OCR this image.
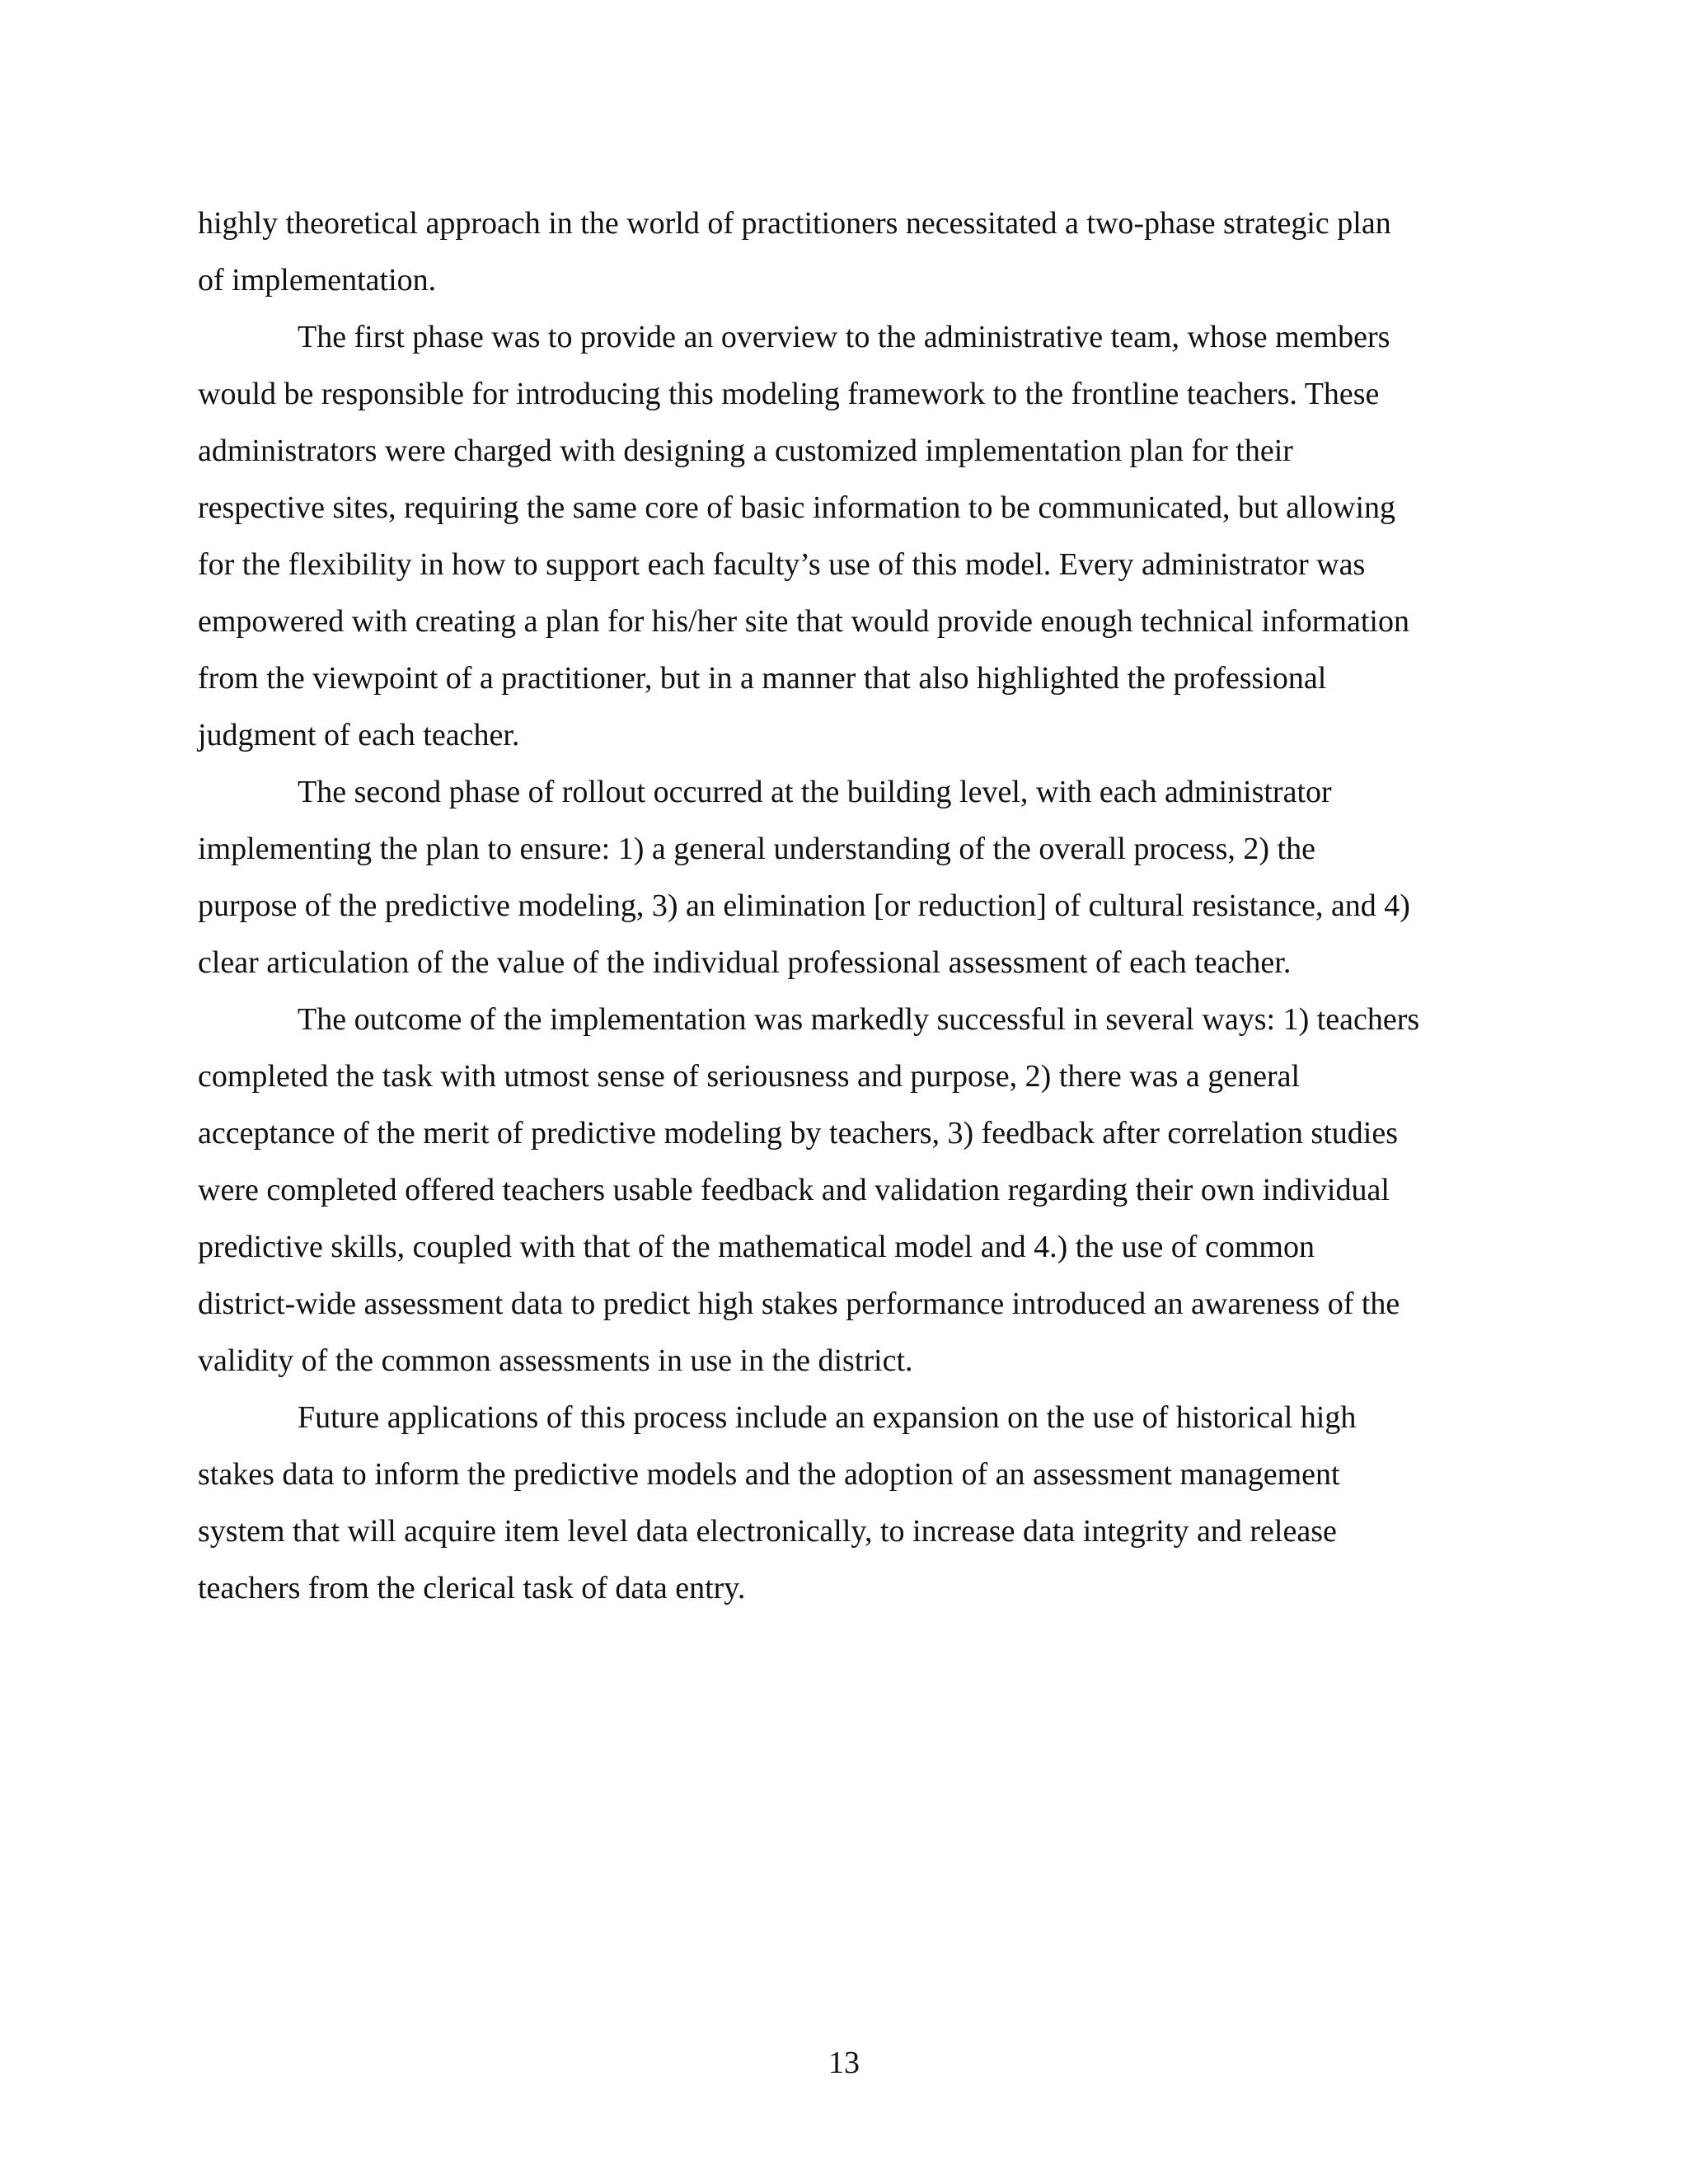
highly theoretical approach in the world of practitioners necessitated a two-phase strategic plan
of implementation.

The first phase was to provide an overview to the administrative team, whose members
would be responsible for introducing this modeling framework to the frontline teachers. These
administrators were charged with designing a customized implementation plan for their
respective sites, requiring the same core of basic information to be communicated, but allowing
for the flexibility in how to support each faculty’s use of this model. Every administrator was
empowered with creating a plan for his/her site that would provide enough technical information
from the viewpoint of a practitioner, but in a manner that also highlighted the professional
judgment of each teacher.

The second phase of rollout occurred at the building level, with each administrator
implementing the plan to ensure: 1) a general understanding of the overall process, 2) the
purpose of the predictive modeling, 3) an elimination [or reduction] of cultural resistance, and 4)
clear articulation of the value of the individual professional assessment of each teacher.

The outcome of the implementation was markedly successful in several ways: 1) teachers
completed the task with utmost sense of seriousness and purpose, 2) there was a general
acceptance of the merit of predictive modeling by teachers, 3) feedback after correlation studies
were completed offered teachers usable feedback and validation regarding their own individual
predictive skills, coupled with that of the mathematical model and 4.) the use of common
district-wide assessment data to predict high stakes performance introduced an awareness of the
validity of the common assessments in use in the district.

Future applications of this process include an expansion on the use of historical high
stakes data to inform the predictive models and the adoption of an assessment management
system that will acquire item level data electronically, to increase data integrity and release
teachers from the clerical task of data entry.

13
